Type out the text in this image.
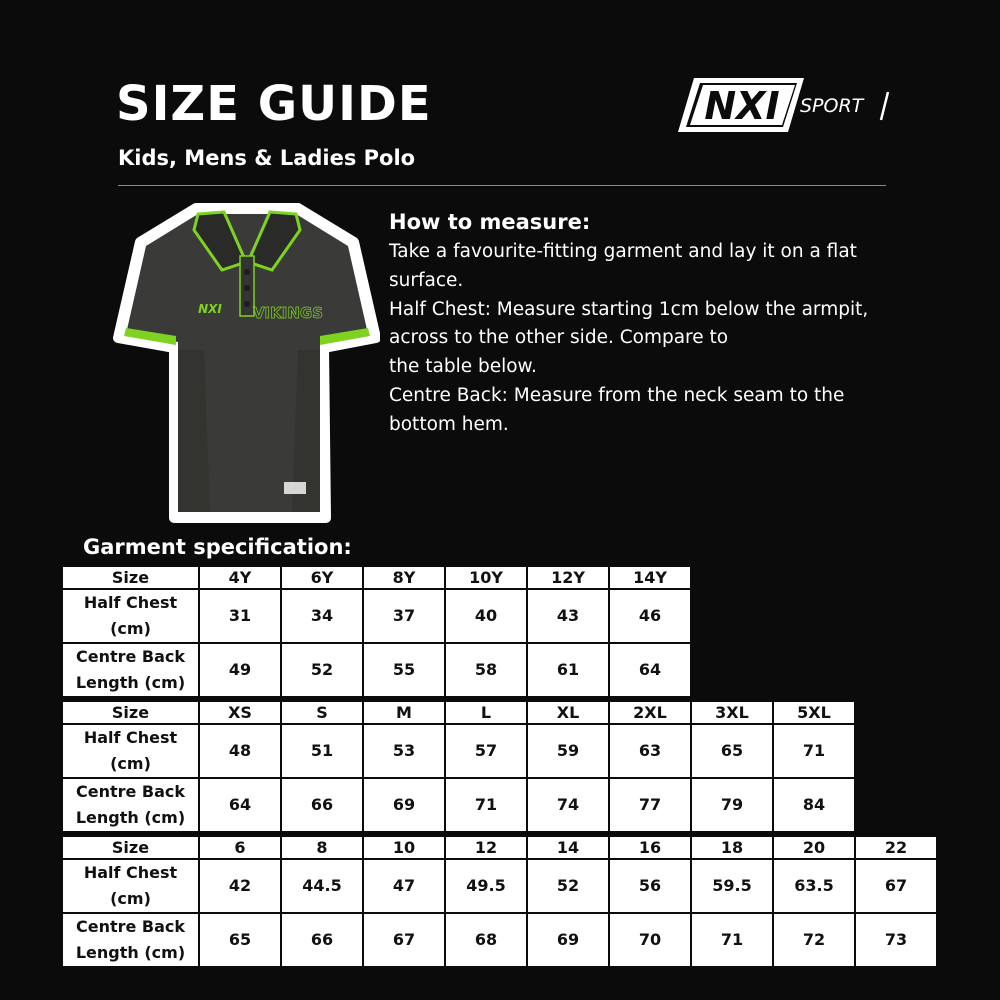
SIZE GUIDE
Kids, Mens & Ladies Polo
NXI SPORT
NXI VIKINGS
How to measure:

Take a favourite-fitting garment and lay it on a flat

surface.

Half Chest: Measure starting 1cm below the armpit,

across to the other side. Compare to

the table below.

Centre Back: Measure from the neck seam to the

bottom hem.

Garment specification:
Size	4Y	6Y	8Y	10Y	12Y	14Y
Half Chest
(cm)	31	34	37	40	43	46
Centre Back
Length (cm)	49	52	55	58	61	64
Size	XS	S	M	L	XL	2XL	3XL	5XL
Half Chest
(cm)	48	51	53	57	59	63	65	71
Centre Back
Length (cm)	64	66	69	71	74	77	79	84
Size	6	8	10	12	14	16	18	20	22
Half Chest
(cm)	42	44.5	47	49.5	52	56	59.5	63.5	67
Centre Back
Length (cm)	65	66	67	68	69	70	71	72	73
